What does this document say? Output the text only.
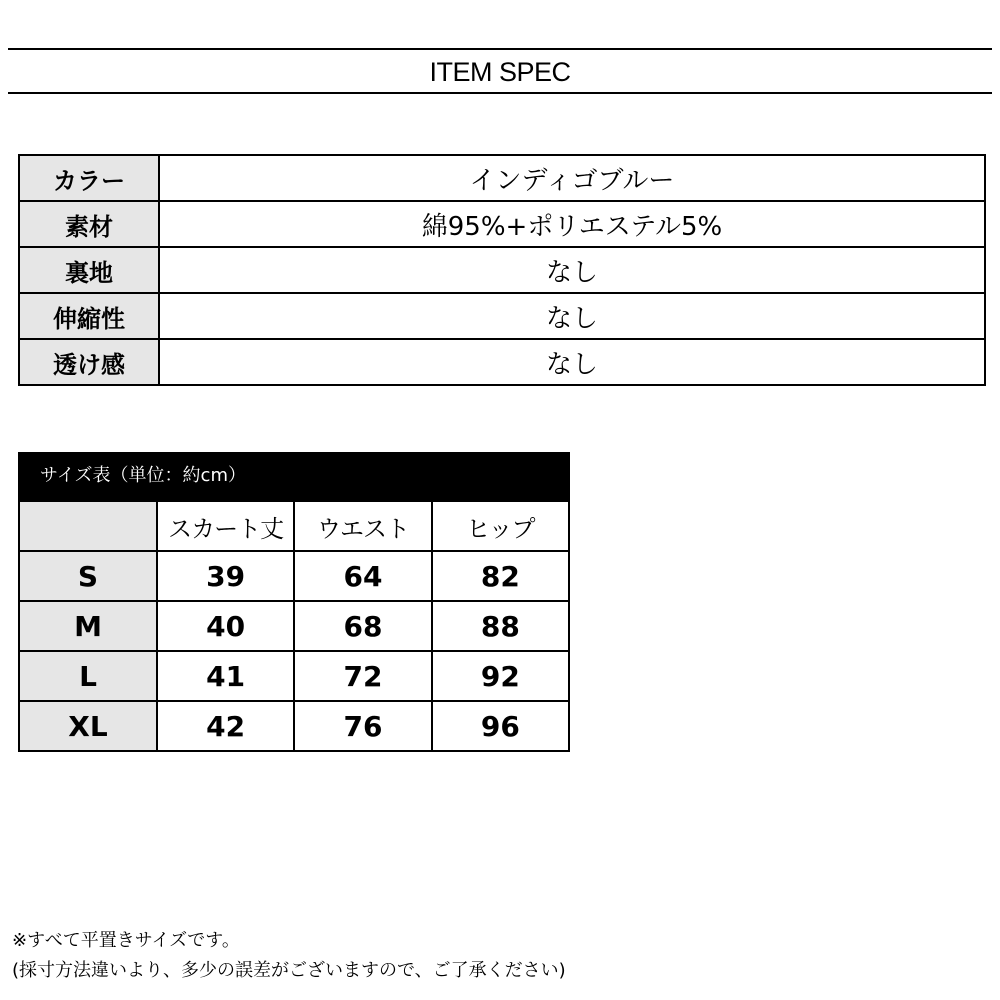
ITEM SPEC
カラー	インディゴブルー
素材	綿95%+ポリエステル5%
裏地	なし
伸縮性	なし
透け感	なし
サイズ表（単位：約cm）
	スカート丈	ウエスト	ヒップ
S	39	64	82
M	40	68	88
L	41	72	92
XL	42	76	96
※すべて平置きサイズです。
(採寸方法違いより、多少の誤差がございますので、ご了承ください)
